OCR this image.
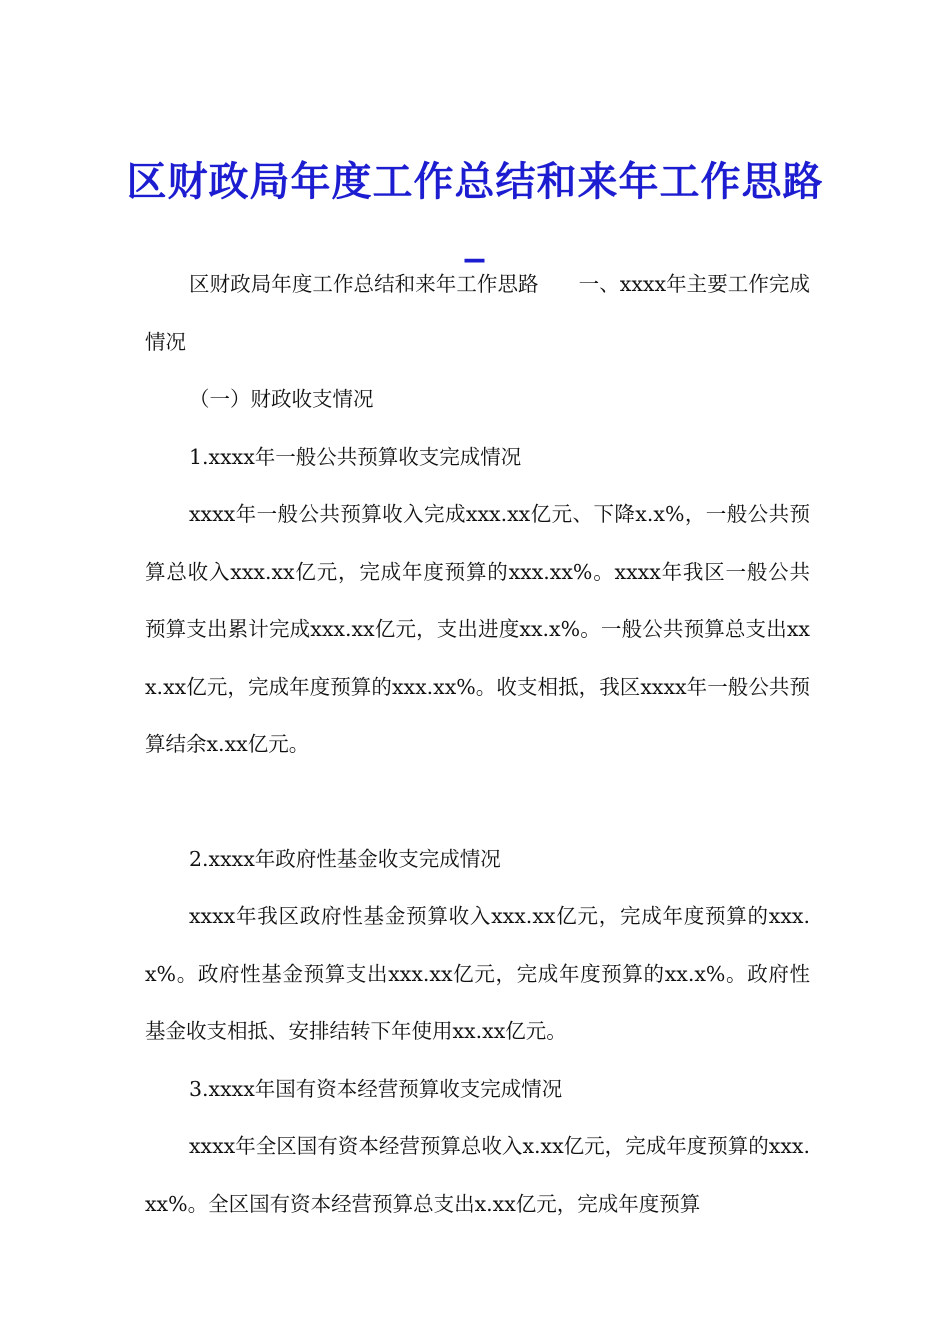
区财政局年度工作总结和来年工作思路_

区财政局年度工作总结和来年工作思路 一、xxxx年主要工作完成情况

（一）财政收支情况

1.xxxx年一般公共预算收支完成情况

xxxx年一般公共预算收入完成xxx.xx亿元、下降x.x%，一般公共预算总收入xxx.xx亿元，完成年度预算的xxx.xx%。xxxx年我区一般公共预算支出累计完成xxx.xx亿元，支出进度xx.x%。一般公共预算总支出xxx.xx亿元，完成年度预算的xxx.xx%。收支相抵，我区xxxx年一般公共预算结余x.xx亿元。

2.xxxx年政府性基金收支完成情况

xxxx年我区政府性基金预算收入xxx.xx亿元，完成年度预算的xxx.x%。政府性基金预算支出xxx.xx亿元，完成年度预算的xx.x%。政府性基金收支相抵、安排结转下年使用xx.xx亿元。

3.xxxx年国有资本经营预算收支完成情况

xxxx年全区国有资本经营预算总收入x.xx亿元，完成年度预算的xxx.xx%。全区国有资本经营预算总支出x.xx亿元，完成年度预算
